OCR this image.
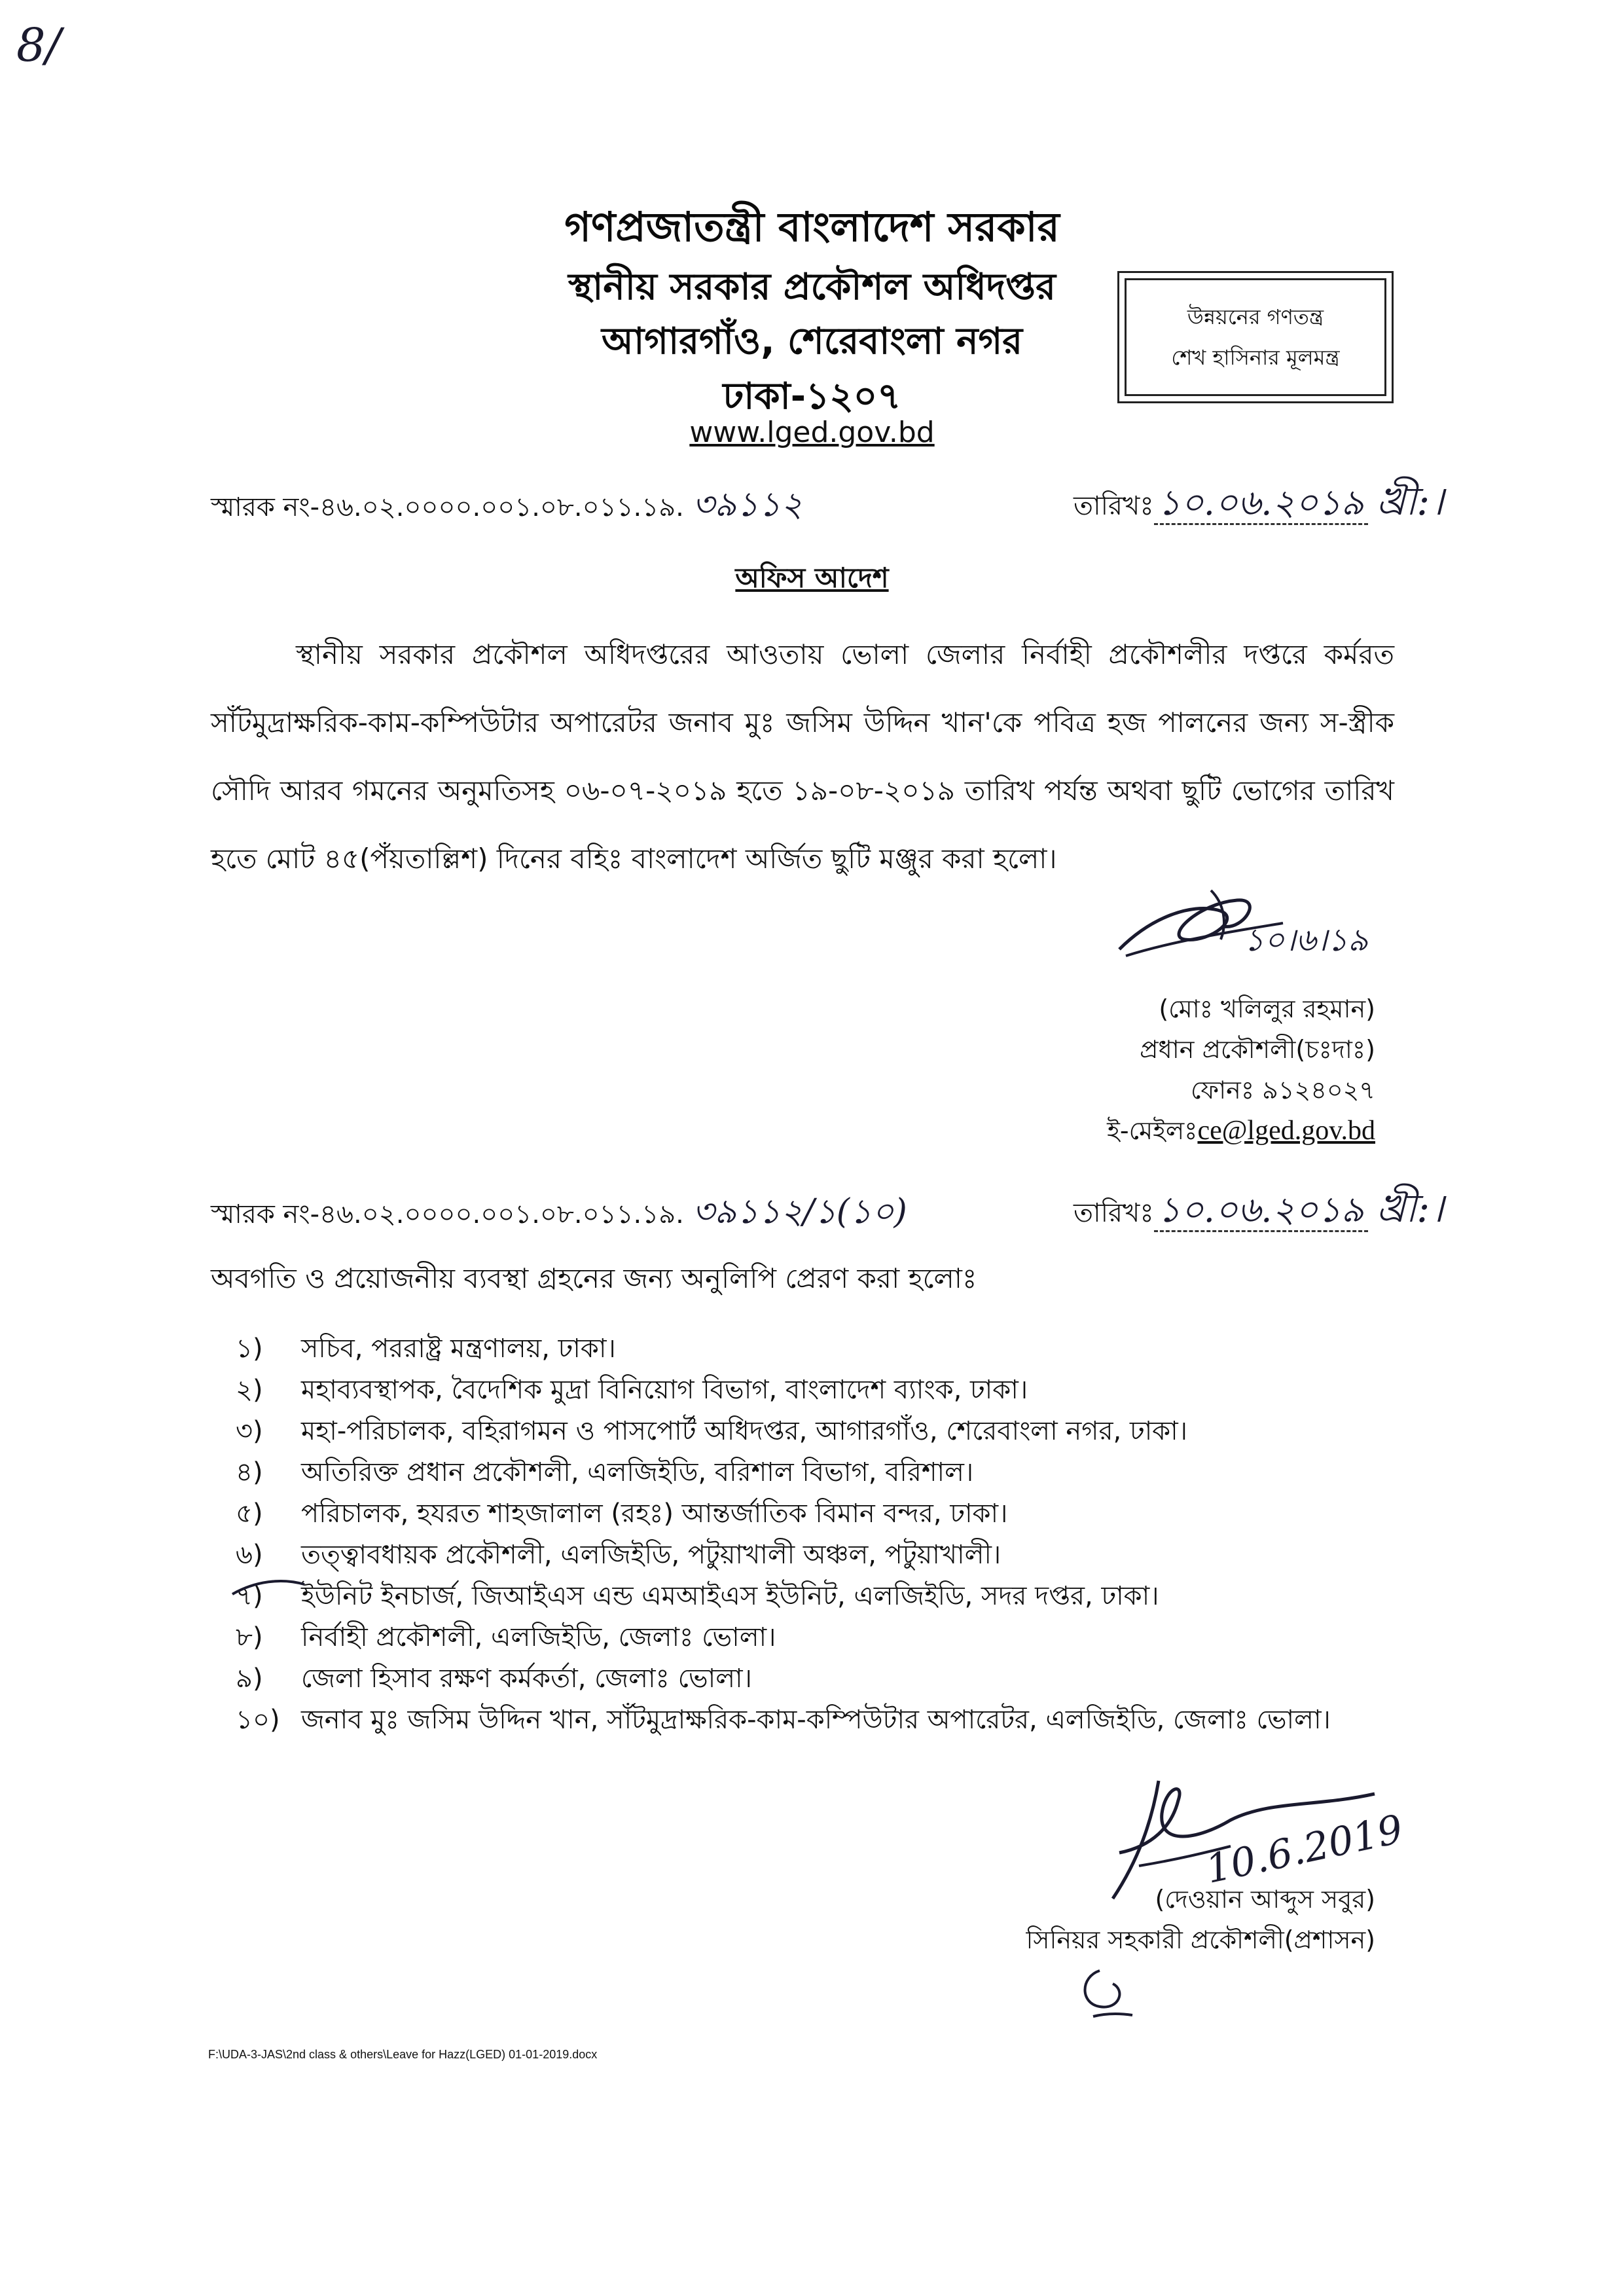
8/
গণপ্রজাতন্ত্রী বাংলাদেশ সরকার
স্থানীয় সরকার প্রকৌশল অধিদপ্তর
আগারগাঁও, শেরেবাংলা নগর
ঢাকা-১২০৭
www.lged.gov.bd
উন্নয়নের গণতন্ত্র
শেখ হাসিনার মূলমন্ত্র
স্মারক নং-৪৬.০২.০০০০.০০১.০৮.০১১.১৯. ৩৯১১২	তারিখঃ ১০.০৬.২০১৯ খ্রী:।
অফিস আদেশ
স্থানীয় সরকার প্রকৌশল অধিদপ্তরের আওতায় ভোলা জেলার নির্বাহী প্রকৌশলীর দপ্তরে কর্মরত সাঁটমুদ্রাক্ষরিক-কাম-কম্পিউটার অপারেটর জনাব মুঃ জসিম উদ্দিন খান'কে পবিত্র হজ পালনের জন্য স-স্ত্রীক সৌদি আরব গমনের অনুমতিসহ ০৬-০৭-২০১৯ হতে ১৯-০৮-২০১৯ তারিখ পর্যন্ত অথবা ছুটি ভোগের তারিখ হতে মোট ৪৫(পঁয়তাল্লিশ) দিনের বহিঃ বাংলাদেশ অর্জিত ছুটি মঞ্জুর করা হলো।
১০।৬।১৯
(মোঃ খলিলুর রহমান)
প্রধান প্রকৌশলী(চঃদাঃ)
ফোনঃ ৯১২৪০২৭
ই-মেইলঃce@lged.gov.bd
স্মারক নং-৪৬.০২.০০০০.০০১.০৮.০১১.১৯. ৩৯১১২/১(১০)	তারিখঃ ১০.০৬.২০১৯ খ্রী:।
অবগতি ও প্রয়োজনীয় ব্যবস্থা গ্রহনের জন্য অনুলিপি প্রেরণ করা হলোঃ
১)	সচিব, পররাষ্ট্র মন্ত্রণালয়, ঢাকা।
২)	মহাব্যবস্থাপক, বৈদেশিক মুদ্রা বিনিয়োগ বিভাগ, বাংলাদেশ ব্যাংক, ঢাকা।
৩)	মহা-পরিচালক, বহিরাগমন ও পাসপোর্ট অধিদপ্তর, আগারগাঁও, শেরেবাংলা নগর, ঢাকা।
৪)	অতিরিক্ত প্রধান প্রকৌশলী, এলজিইডি, বরিশাল বিভাগ, বরিশাল।
৫)	পরিচালক, হযরত শাহজালাল (রহঃ) আন্তর্জাতিক বিমান বন্দর, ঢাকা।
৬)	তত্ত্বাবধায়ক প্রকৌশলী, এলজিইডি, পটুয়াখালী অঞ্চল, পটুয়াখালী।
৭)	ইউনিট ইনচার্জ, জিআইএস এন্ড এমআইএস ইউনিট, এলজিইডি, সদর দপ্তর, ঢাকা।
৮)	নির্বাহী প্রকৌশলী, এলজিইডি, জেলাঃ ভোলা।
৯)	জেলা হিসাব রক্ষণ কর্মকর্তা, জেলাঃ ভোলা।
১০) জনাব মুঃ জসিম উদ্দিন খান, সাঁটমুদ্রাক্ষরিক-কাম-কম্পিউটার অপারেটর, এলজিইডি, জেলাঃ ভোলা।
10.6.2019
(দেওয়ান আব্দুস সবুর)
সিনিয়র সহকারী প্রকৌশলী(প্রশাসন)
F:\UDA-3-JAS\2nd class & others\Leave for Hazz(LGED) 01-01-2019.docx
